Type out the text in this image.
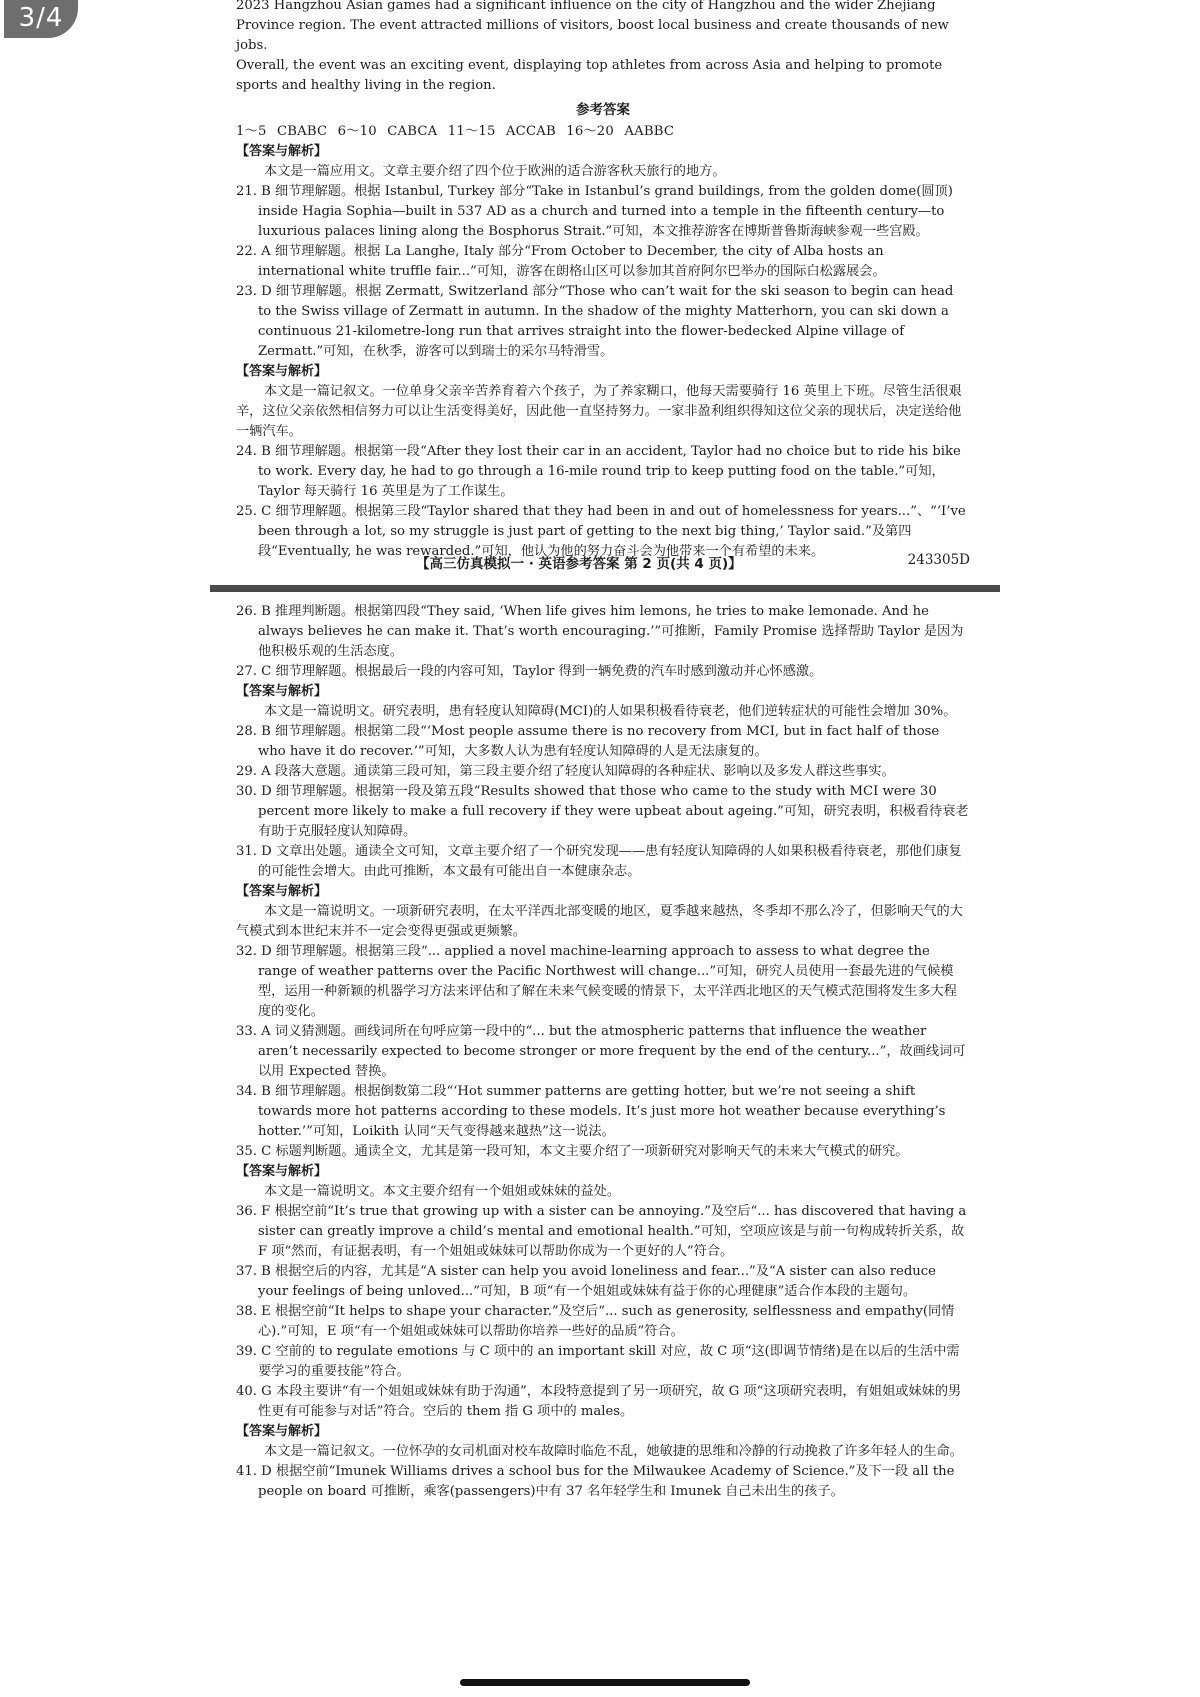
2023 Hangzhou Asian games had a significant influence on the city of Hangzhou and the wider Zhejiang
Province region. The event attracted millions of visitors, boost local business and create thousands of new jobs.
Overall, the event was an exciting event, displaying top athletes from across Asia and helping to promote
sports and healthy living in the region.
参考答案
1～5 CBABC 6～10 CABCA 11～15 ACCAB 16～20 AABBC
【答案与解析】
本文是一篇应用文。文章主要介绍了四个位于欧洲的适合游客秋天旅行的地方。
21. B 细节理解题。根据 Istanbul, Turkey 部分“Take in Istanbul’s grand buildings, from the golden dome(圆顶) inside Hagia Sophia—built in 537 AD as a church and turned into a temple in the fifteenth century—to luxurious palaces lining along the Bosphorus Strait.”可知，本文推荐游客在博斯普鲁斯海峡参观一些宫殿。
22. A 细节理解题。根据 La Langhe, Italy 部分“From October to December, the city of Alba hosts an international white truffle fair...”可知，游客在朗格山区可以参加其首府阿尔巴举办的国际白松露展会。
23. D 细节理解题。根据 Zermatt, Switzerland 部分“Those who can’t wait for the ski season to begin can head to the Swiss village of Zermatt in autumn. In the shadow of the mighty Matterhorn, you can ski down a continuous 21-kilometre-long run that arrives straight into the flower-bedecked Alpine village of Zermatt.”可知，在秋季，游客可以到瑞士的采尔马特滑雪。
【答案与解析】
本文是一篇记叙文。一位单身父亲辛苦养育着六个孩子，为了养家糊口，他每天需要骑行 16 英里上下班。尽管生活很艰辛，这位父亲依然相信努力可以让生活变得美好，因此他一直坚持努力。一家非盈利组织得知这位父亲的现状后，决定送给他一辆汽车。
24. B 细节理解题。根据第一段“After they lost their car in an accident, Taylor had no choice but to ride his bike to work. Every day, he had to go through a 16-mile round trip to keep putting food on the table.”可知，Taylor 每天骑行 16 英里是为了工作谋生。
25. C 细节理解题。根据第三段“Taylor shared that they had been in and out of homelessness for years...”、“‘I’ve been through a lot, so my struggle is just part of getting to the next big thing,’ Taylor said.”及第四段“Eventually, he was rewarded.”可知，他认为他的努力奋斗会为他带来一个有希望的未来。
【高三仿真模拟一 · 英语参考答案 第 2 页(共 4 页)】	243305D
26. B 推理判断题。根据第四段“They said, ‘When life gives him lemons, he tries to make lemonade. And he always believes he can make it. That’s worth encouraging.’”可推断，Family Promise 选择帮助 Taylor 是因为他积极乐观的生活态度。
27. C 细节理解题。根据最后一段的内容可知，Taylor 得到一辆免费的汽车时感到激动并心怀感激。
【答案与解析】
本文是一篇说明文。研究表明，患有轻度认知障碍(MCI)的人如果积极看待衰老，他们逆转症状的可能性会增加 30%。
28. B 细节理解题。根据第二段“‘Most people assume there is no recovery from MCI, but in fact half of those who have it do recover.’”可知，大多数人认为患有轻度认知障碍的人是无法康复的。
29. A 段落大意题。通读第三段可知，第三段主要介绍了轻度认知障碍的各种症状、影响以及多发人群这些事实。
30. D 细节理解题。根据第一段及第五段“Results showed that those who came to the study with MCI were 30 percent more likely to make a full recovery if they were upbeat about ageing.”可知，研究表明，积极看待衰老有助于克服轻度认知障碍。
31. D 文章出处题。通读全文可知，文章主要介绍了一个研究发现——患有轻度认知障碍的人如果积极看待衰老，那他们康复的可能性会增大。由此可推断，本文最有可能出自一本健康杂志。
【答案与解析】
本文是一篇说明文。一项新研究表明，在太平洋西北部变暖的地区，夏季越来越热，冬季却不那么冷了，但影响天气的大气模式到本世纪末并不一定会变得更强或更频繁。
32. D 细节理解题。根据第三段“... applied a novel machine-learning approach to assess to what degree the range of weather patterns over the Pacific Northwest will change...”可知，研究人员使用一套最先进的气候模型，运用一种新颖的机器学习方法来评估和了解在未来气候变暖的情景下，太平洋西北地区的天气模式范围将发生多大程度的变化。
33. A 词义猜测题。画线词所在句呼应第一段中的“... but the atmospheric patterns that influence the weather aren’t necessarily expected to become stronger or more frequent by the end of the century...”，故画线词可以用 Expected 替换。
34. B 细节理解题。根据倒数第二段“‘Hot summer patterns are getting hotter, but we’re not seeing a shift towards more hot patterns according to these models. It’s just more hot weather because everything’s hotter.’”可知，Loikith 认同“天气变得越来越热”这一说法。
35. C 标题判断题。通读全文，尤其是第一段可知，本文主要介绍了一项新研究对影响天气的未来大气模式的研究。
【答案与解析】
本文是一篇说明文。本文主要介绍有一个姐姐或妹妹的益处。
36. F 根据空前“It’s true that growing up with a sister can be annoying.”及空后“... has discovered that having a sister can greatly improve a child’s mental and emotional health.”可知，空项应该是与前一句构成转折关系，故 F 项“然而，有证据表明，有一个姐姐或妹妹可以帮助你成为一个更好的人”符合。
37. B 根据空后的内容，尤其是“A sister can help you avoid loneliness and fear...”及“A sister can also reduce your feelings of being unloved...”可知，B 项“有一个姐姐或妹妹有益于你的心理健康”适合作本段的主题句。
38. E 根据空前“It helps to shape your character.”及空后“... such as generosity, selflessness and empathy(同情心).”可知，E 项“有一个姐姐或妹妹可以帮助你培养一些好的品质”符合。
39. C 空前的 to regulate emotions 与 C 项中的 an important skill 对应，故 C 项“这(即调节情绪)是在以后的生活中需要学习的重要技能”符合。
40. G 本段主要讲“有一个姐姐或妹妹有助于沟通”，本段特意提到了另一项研究，故 G 项“这项研究表明，有姐姐或妹妹的男性更有可能参与对话”符合。空后的 them 指 G 项中的 males。
【答案与解析】
本文是一篇记叙文。一位怀孕的女司机面对校车故障时临危不乱，她敏捷的思维和冷静的行动挽救了许多年轻人的生命。
41. D 根据空前“Imunek Williams drives a school bus for the Milwaukee Academy of Science.”及下一段 all the people on board 可推断，乘客(passengers)中有 37 名年轻学生和 Imunek 自己未出生的孩子。
3/4
